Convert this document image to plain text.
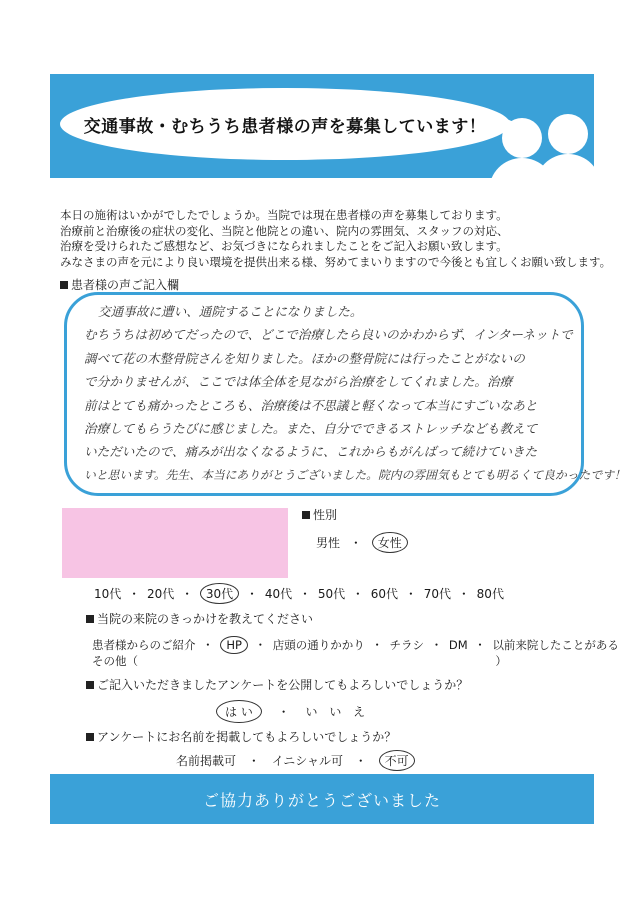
交通事故・むちうち患者様の声を募集しています！
本日の施術はいかがでしたでしょうか。当院では現在患者様の声を募集しております。
治療前と治療後の症状の変化、当院と他院との違い、院内の雰囲気、スタッフの対応、
治療を受けられたご感想など、お気づきになられましたことをご記入お願い致します。
みなさまの声を元により良い環境を提供出来る様、努めてまいりますので今後とも宜しくお願い致します。
患者様の声ご記入欄
交通事故に遭い、通院することになりました。
むちうちは初めてだったので、どこで治療したら良いのかわからず、インターネットで
調べて花の木整骨院さんを知りました。ほかの整骨院には行ったことがないの
で分かりませんが、ここでは体全体を見ながら治療をしてくれました。治療
前はとても痛かったところも、治療後は不思議と軽くなって本当にすごいなあと
治療してもらうたびに感じました。また、自分でできるストレッチなども教えて
いただいたので、痛みが出なくなるように、これからもがんばって続けていきた
いと思います。先生、本当にありがとうございました。院内の雰囲気もとても明るくて良かったです！
性別
男性 ・ 女性
10代 ・ 20代 ・ 30代 ・ 40代 ・ 50代 ・ 60代 ・ 70代 ・ 80代
当院の来院のきっかけを教えてください
患者様からのご紹介 ・ HP ・ 店頭の通りかかり ・ チラシ ・ DM ・ 以前来院したことがある
その他（	）
ご記入いただきましたアンケートを公開してもよろしいでしょうか？
は い ・ い い え
アンケートにお名前を掲載してもよろしいでしょうか？
名前掲載可 ・ イニシャル可 ・ 不可
ご協力ありがとうございました
